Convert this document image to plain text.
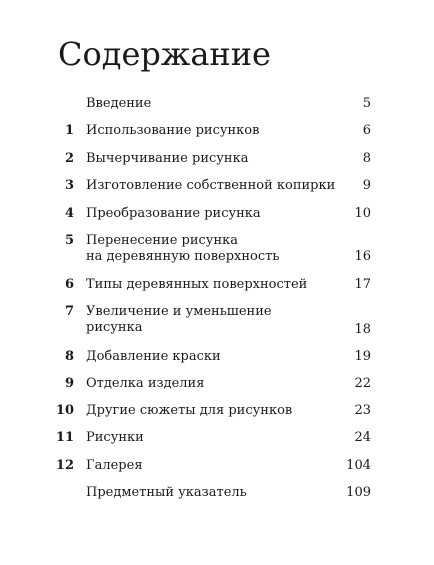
Содержание
Введение	5
1 Использование рисунков	6
2 Вычерчивание рисунка	8
3 Изготовление собственной копирки	9
4 Преобразование рисунка	10
5 Перенесение рисунка
на деревянную поверхность	16
6 Типы деревянных поверхностей	17
7 Увеличение и уменьшение
рисунка	18
8 Добавление краски	19
9 Отделка изделия	22
10 Другие сюжеты для рисунков	23
11 Рисунки	24
12 Галерея	104
Предметный указатель	109
